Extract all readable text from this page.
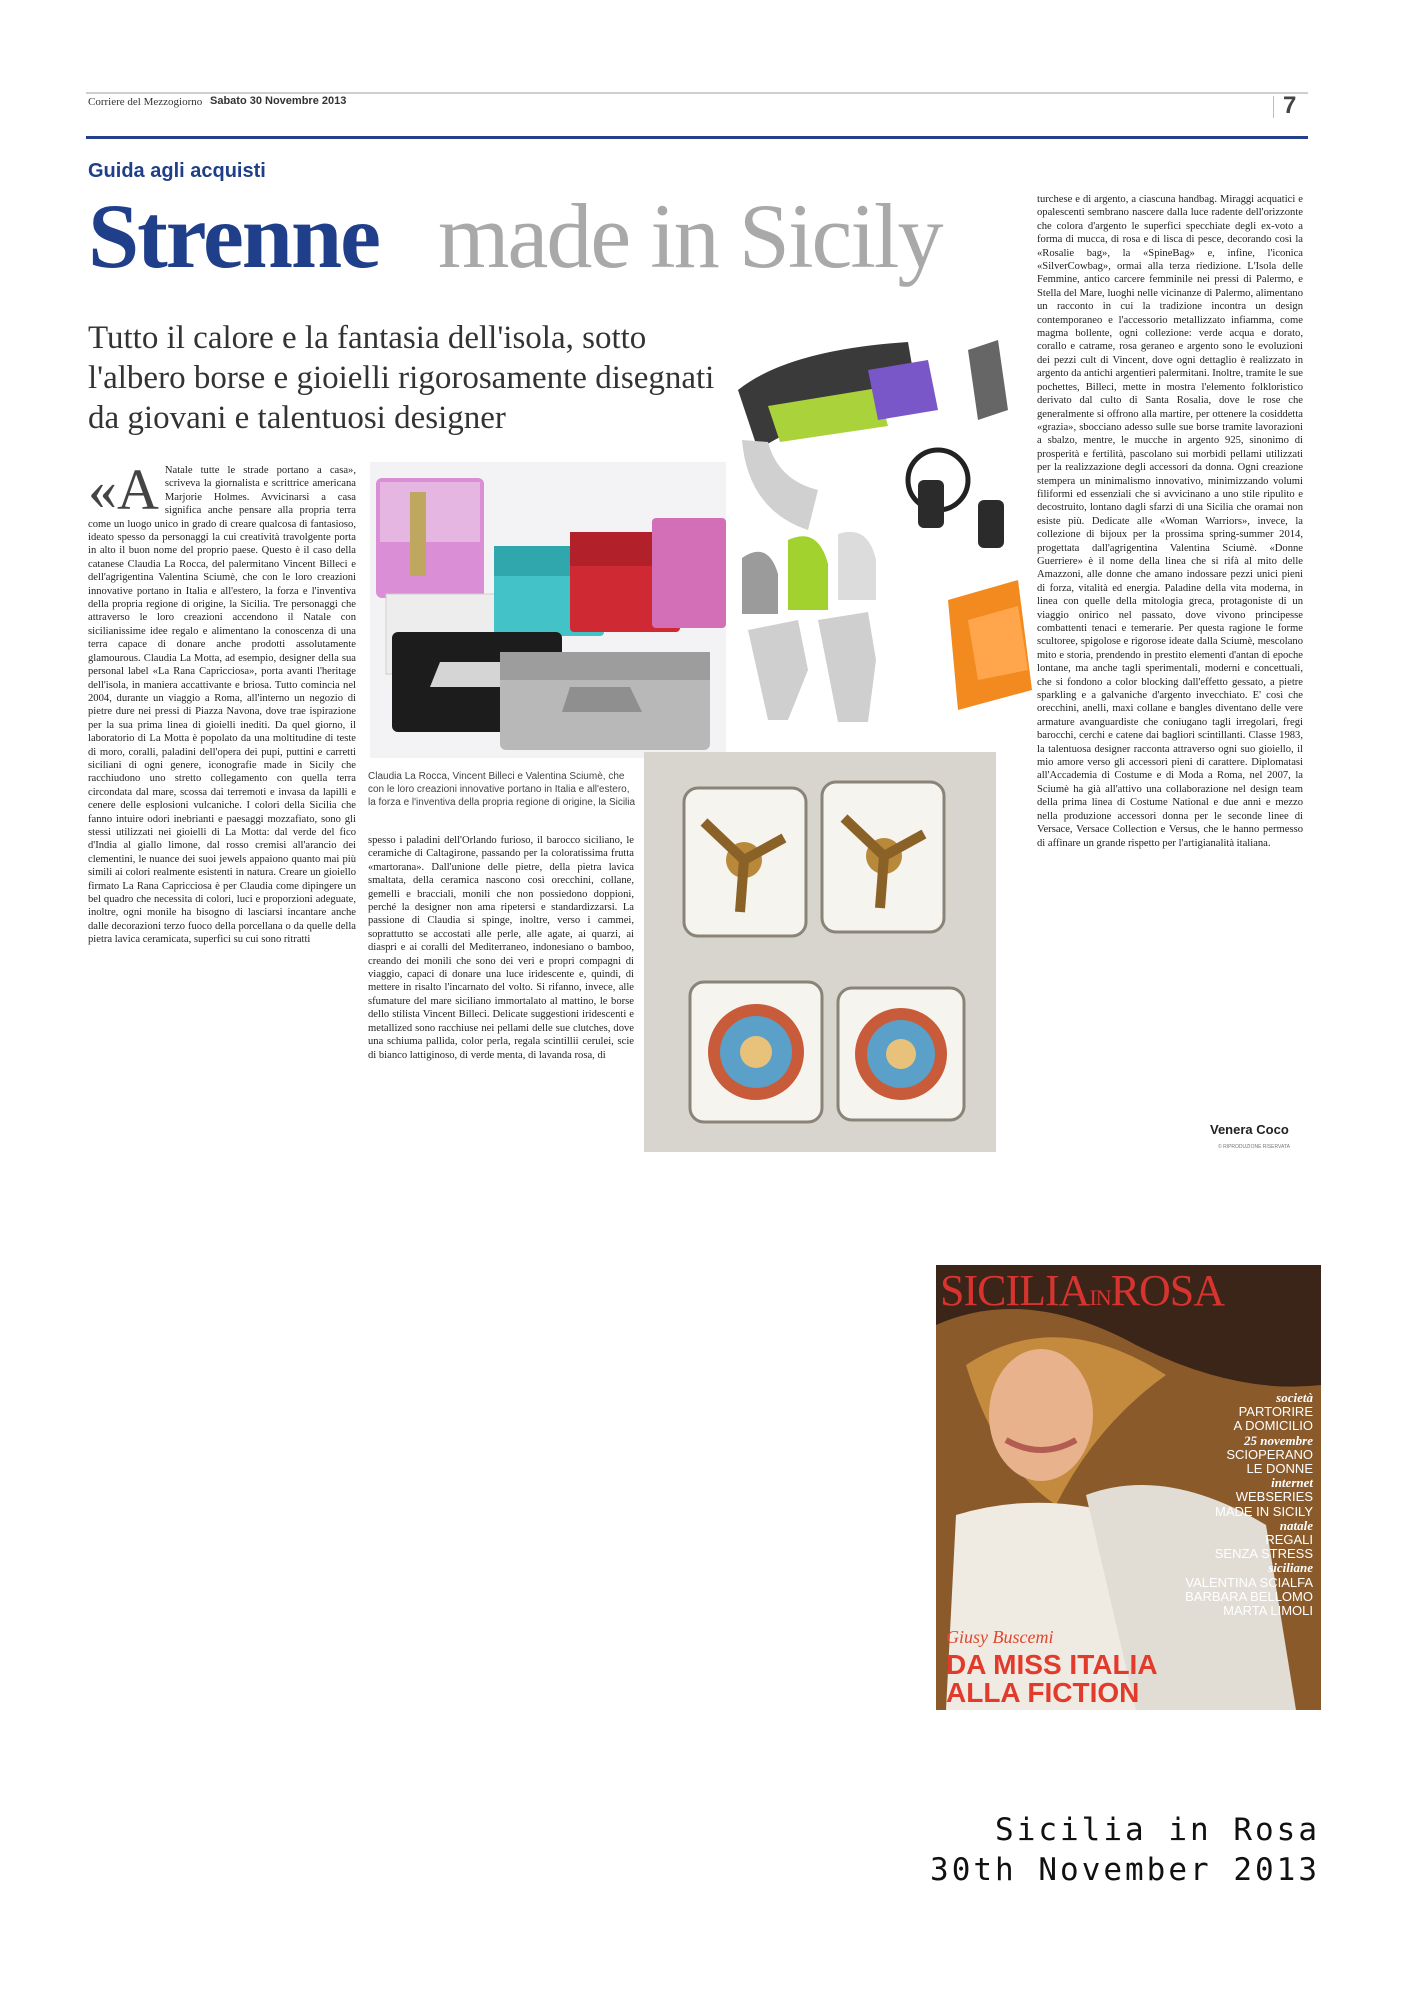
Corriere del Mezzogiorno Sabato 30 Novembre 2013	7
Guida agli acquisti
Strenne made in Sicily
Tutto il calore e la fantasia dell'isola, sotto l'albero borse e gioielli rigorosamente disegnati da giovani e talentuosi designer
«A Natale tutte le strade portano a casa», scriveva la giornalista e scrittrice americana Marjorie Holmes. Avvicinarsi a casa significa anche pensare alla propria terra come un luogo unico in grado di creare qualcosa di fantasioso, ideato spesso da personaggi la cui creatività travolgente porta in alto il buon nome del proprio paese. Questo è il caso della catanese Claudia La Rocca, del palermitano Vincent Billeci e dell'agrigentina Valentina Sciumè, che con le loro creazioni innovative portano in Italia e all'estero, la forza e l'inventiva della propria regione di origine, la Sicilia. Tre personaggi che attraverso le loro creazioni accendono il Natale con sicilianissime idee regalo e alimentano la conoscenza di una terra capace di donare anche prodotti assolutamente glamourous. Claudia La Motta, ad esempio, designer della sua personal label «La Rana Capricciosa», porta avanti l'heritage dell'isola, in maniera accattivante e briosa. Tutto comincia nel 2004, durante un viaggio a Roma, all'interno un negozio di pietre dure nei pressi di Piazza Navona, dove trae ispirazione per la sua prima linea di gioielli inediti. Da quel giorno, il laboratorio di La Motta è popolato da una moltitudine di teste di moro, coralli, paladini dell'opera dei pupi, puttini e carretti siciliani di ogni genere, iconografie made in Sicily che racchiudono uno stretto collegamento con quella terra circondata dal mare, scossa dai terremoti e invasa da lapilli e cenere delle esplosioni vulcaniche. I colori della Sicilia che fanno intuire odori inebrianti e paesaggi mozzafiato, sono gli stessi utilizzati nei gioielli di La Motta: dal verde del fico d'India al giallo limone, dal rosso cremisi all'arancio dei clementini, le nuance dei suoi jewels appaiono quanto mai più simili ai colori realmente esistenti in natura. Creare un gioiello firmato La Rana Capricciosa è per Claudia come dipingere un bel quadro che necessita di colori, luci e proporzioni adeguate, inoltre, ogni monile ha bisogno di lasciarsi incantare anche dalle decorazioni terzo fuoco della porcellana o da quelle della pietra lavica ceramicata, superfici su cui sono ritratti
Claudia La Rocca, Vincent Billeci e Valentina Sciumè, che con le loro creazioni innovative portano in Italia e all'estero, la forza e l'inventiva della propria regione di origine, la Sicilia
spesso i paladini dell'Orlando furioso, il barocco siciliano, le ceramiche di Caltagirone, passando per la coloratissima frutta «martorana». Dall'unione delle pietre, della pietra lavica smaltata, della ceramica nascono così orecchini, collane, gemelli e bracciali, monili che non possiedono doppioni, perché la designer non ama ripetersi e standardizzarsi. La passione di Claudia si spinge, inoltre, verso i cammei, soprattutto se accostati alle perle, alle agate, ai quarzi, ai diaspri e ai coralli del Mediterraneo, indonesiano o bamboo, creando dei monili che sono dei veri e propri compagni di viaggio, capaci di donare una luce iridescente e, quindi, di mettere in risalto l'incarnato del volto. Si rifanno, invece, alle sfumature del mare siciliano immortalato al mattino, le borse dello stilista Vincent Billeci. Delicate suggestioni iridescenti e metallized sono racchiuse nei pellami delle sue clutches, dove una schiuma pallida, color perla, regala scintillii cerulei, scie di bianco lattiginoso, di verde menta, di lavanda rosa, di
turchese e di argento, a ciascuna handbag. Miraggi acquatici e opalescenti sembrano nascere dalla luce radente dell'orizzonte che colora d'argento le superfici specchiate degli ex-voto a forma di mucca, di rosa e di lisca di pesce, decorando così la «Rosalie bag», la «SpineBag» e, infine, l'iconica «SilverCowbag», ormai alla terza riedizione. L'Isola delle Femmine, antico carcere femminile nei pressi di Palermo, e Stella del Mare, luoghi nelle vicinanze di Palermo, alimentano un racconto in cui la tradizione incontra un design contemporaneo e l'accessorio metallizzato infiamma, come magma bollente, ogni collezione: verde acqua e dorato, corallo e catrame, rosa geraneo e argento sono le evoluzioni dei pezzi cult di Vincent, dove ogni dettaglio è realizzato in argento da antichi argentieri palermitani. Inoltre, tramite le sue pochettes, Billeci, mette in mostra l'elemento folkloristico derivato dal culto di Santa Rosalia, dove le rose che generalmente si offrono alla martire, per ottenere la cosiddetta «grazia», sbocciano adesso sulle sue borse tramite lavorazioni a sbalzo, mentre, le mucche in argento 925, sinonimo di prosperità e fertilità, pascolano sui morbidi pellami utilizzati per la realizzazione degli accessori da donna. Ogni creazione stempera un minimalismo innovativo, minimizzando volumi filiformi ed essenziali che si avvicinano a uno stile ripulito e decostruito, lontano dagli sfarzi di una Sicilia che oramai non esiste più. Dedicate alle «Woman Warriors», invece, la collezione di bijoux per la prossima spring-summer 2014, progettata dall'agrigentina Valentina Sciumè. «Donne Guerriere» è il nome della linea che si rifà al mito delle Amazzoni, alle donne che amano indossare pezzi unici pieni di forza, vitalità ed energia. Paladine della vita moderna, in linea con quelle della mitologia greca, protagoniste di un viaggio onirico nel passato, dove vivono principesse combattenti tenaci e temerarie. Per questa ragione le forme scultoree, spigolose e rigorose ideate dalla Sciumè, mescolano mito e storia, prendendo in prestito elementi d'antan di epoche lontane, ma anche tagli sperimentali, moderni e concettuali, che si fondono a color blocking dall'effetto gessato, a pietre sparkling e a galvaniche d'argento invecchiato. E' così che orecchini, anelli, maxi collane e bangles diventano delle vere armature avanguardiste che coniugano tagli irregolari, fregi barocchi, cerchi e catene dai bagliori scintillanti. Classe 1983, la talentuosa designer racconta attraverso ogni suo gioiello, il mio amore verso gli accessori pieni di carattere. Diplomatasi all'Accademia di Costume e di Moda a Roma, nel 2007, la Sciumè ha già all'attivo una collaborazione nel design team della prima linea di Costume National e due anni e mezzo nella produzione accessori donna per le seconde linee di Versace, Versace Collection e Versus, che le hanno permesso di affinare un grande rispetto per l'artigianalità italiana.
Venera Coco
© RIPRODUZIONE RISERVATA
SICILIAINROSA
società
PARTORIRE
A DOMICILIO
25 novembre
SCIOPERANO
LE DONNE
internet
WEBSERIES
MADE IN SICILY
natale
REGALI
SENZA STRESS
siciliane
VALENTINA SCIALFA
BARBARA BELLOMO
MARTA LIMOLI
Giusy Buscemi
DA MISS ITALIA
ALLA FICTION
Sicilia in Rosa
30th November 2013
